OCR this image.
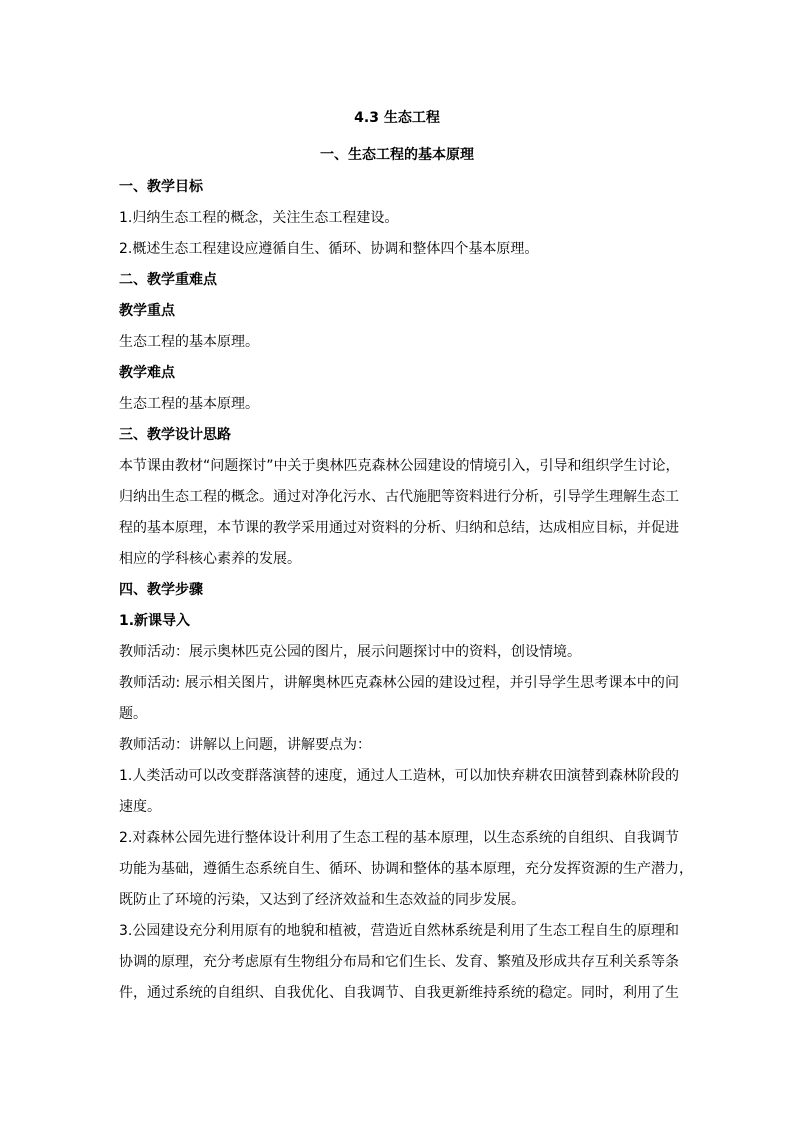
4.3 生态工程
一、生态工程的基本原理
一、教学目标
1.归纳生态工程的概念，关注生态工程建设。
2.概述生态工程建设应遵循自生、循环、协调和整体四个基本原理。
二、教学重难点
教学重点
生态工程的基本原理。
教学难点
生态工程的基本原理。
三、教学设计思路
本节课由教材“问题探讨”中关于奥林匹克森林公园建设的情境引入，引导和组织学生讨论，
归纳出生态工程的概念。通过对净化污水、古代施肥等资料进行分析，引导学生理解生态工
程的基本原理，本节课的教学采用通过对资料的分析、归纳和总结，达成相应目标，并促进
相应的学科核心素养的发展。
四、教学步骤
1.新课导入
教师活动：展示奥林匹克公园的图片，展示问题探讨中的资料，创设情境。
教师活动: 展示相关图片，讲解奥林匹克森林公园的建设过程，并引导学生思考课本中的问
题。
教师活动：讲解以上问题，讲解要点为：
1.人类活动可以改变群落演替的速度，通过人工造林，可以加快弃耕农田演替到森林阶段的
速度。
2.对森林公园先进行整体设计利用了生态工程的基本原理，以生态系统的自组织、自我调节
功能为基础，遵循生态系统自生、循环、协调和整体的基本原理，充分发挥资源的生产潜力，
既防止了环境的污染，又达到了经济效益和生态效益的同步发展。
3.公园建设充分利用原有的地貌和植被，营造近自然林系统是利用了生态工程自生的原理和
协调的原理，充分考虑原有生物组分布局和它们生长、发育、繁殖及形成共存互利关系等条
件，通过系统的自组织、自我优化、自我调节、自我更新维持系统的稳定。同时，利用了生
